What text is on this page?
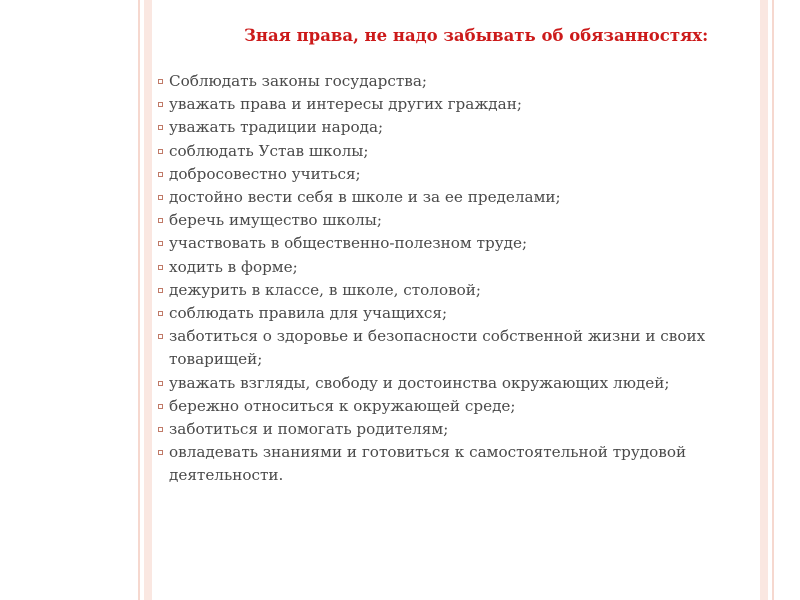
Зная права, не надо забывать об обязанностях:
Соблюдать законы государства;
уважать права и интересы других граждан;
уважать традиции народа;
соблюдать Устав школы;
добросовестно учиться;
достойно вести себя в школе и за ее пределами;
беречь имущество школы;
участвовать в общественно-полезном труде;
ходить в форме;
дежурить в классе, в школе, столовой;
соблюдать правила для учащихся;
заботиться о здоровье и безопасности собственной жизни и своих товарищей;
уважать взгляды, свободу и достоинства окружающих людей;
бережно относиться к окружающей среде;
заботиться и помогать родителям;
овладевать знаниями и готовиться к самостоятельной трудовой деятельности.
